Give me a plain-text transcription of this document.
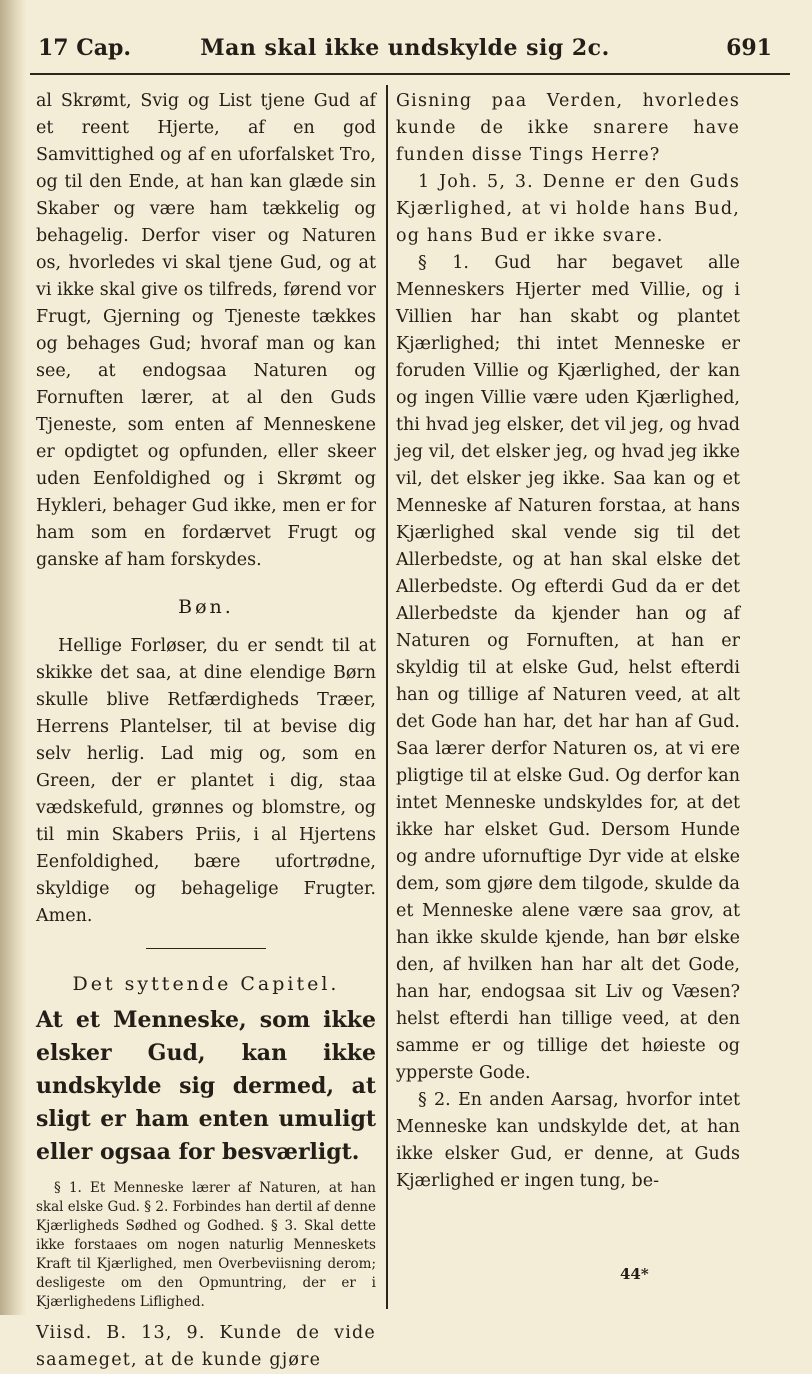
17 Cap.	Man skal ikke undskylde sig 2c.	691

al Skrømt, Svig og List tjene Gud af et reent Hjerte, af en god Samvittighed og af en uforfalsket Tro, og til den Ende, at han kan glæde sin Skaber og være ham tækkelig og behagelig. Derfor viser og Naturen os, hvorledes vi skal tjene Gud, og at vi ikke skal give os tilfreds, førend vor Frugt, Gjerning og Tjeneste tækkes og behages Gud; hvoraf man og kan see, at endogsaa Naturen og Fornuften lærer, at al den Guds Tjeneste, som enten af Menneskene er opdigtet og opfunden, eller skeer uden Eenfoldighed og i Skrømt og Hykleri, behager Gud ikke, men er for ham som en fordærvet Frugt og ganske af ham forskydes.

Bøn.

Hellige Forløser, du er sendt til at skikke det saa, at dine elendige Børn skulle blive Retfærdigheds Træer, Herrens Plantelser, til at bevise dig selv herlig. Lad mig og, som en Green, der er plantet i dig, staa vædskefuld, grønnes og blomstre, og til min Skabers Priis, i al Hjertens Eenfoldighed, bære ufortrødne, skyldige og behagelige Frugter. Amen.

Det syttende Capitel.

At et Menneske, som ikke elsker Gud, kan ikke undskylde sig dermed, at sligt er ham enten umuligt eller ogsaa for besværligt.

§ 1. Et Menneske lærer af Naturen, at han skal elske Gud. § 2. Forbindes han dertil af denne Kjærligheds Sødhed og Godhed. § 3. Skal dette ikke forstaaes om nogen naturlig Menneskets Kraft til Kjærlighed, men Overbeviisning derom; desligeste om den Opmuntring, der er i Kjærlighedens Liflighed.

Viisd. B. 13, 9. Kunde de vide saameget, at de kunde gjøre

Gisning paa Verden, hvorledes kunde de ikke snarere have funden disse Tings Herre?

1 Joh. 5, 3. Denne er den Guds Kjærlighed, at vi holde hans Bud, og hans Bud er ikke svare.

§ 1. Gud har begavet alle Menneskers Hjerter med Villie, og i Villien har han skabt og plantet Kjærlighed; thi intet Menneske er foruden Villie og Kjærlighed, der kan og ingen Villie være uden Kjærlighed, thi hvad jeg elsker, det vil jeg, og hvad jeg vil, det elsker jeg, og hvad jeg ikke vil, det elsker jeg ikke. Saa kan og et Menneske af Naturen forstaa, at hans Kjærlighed skal vende sig til det Allerbedste, og at han skal elske det Allerbedste. Og efterdi Gud da er det Allerbedste da kjender han og af Naturen og Fornuften, at han er skyldig til at elske Gud, helst efterdi han og tillige af Naturen veed, at alt det Gode han har, det har han af Gud. Saa lærer derfor Naturen os, at vi ere pligtige til at elske Gud. Og derfor kan intet Menneske undskyldes for, at det ikke har elsket Gud. Dersom Hunde og andre ufornuftige Dyr vide at elske dem, som gjøre dem tilgode, skulde da et Menneske alene være saa grov, at han ikke skulde kjende, han bør elske den, af hvilken han har alt det Gode, han har, endogsaa sit Liv og Væsen? helst efterdi han tillige veed, at den samme er og tillige det høieste og ypperste Gode.

§ 2. En anden Aarsag, hvorfor intet Menneske kan undskylde det, at han ikke elsker Gud, er denne, at Guds Kjærlighed er ingen tung, be-

44*
